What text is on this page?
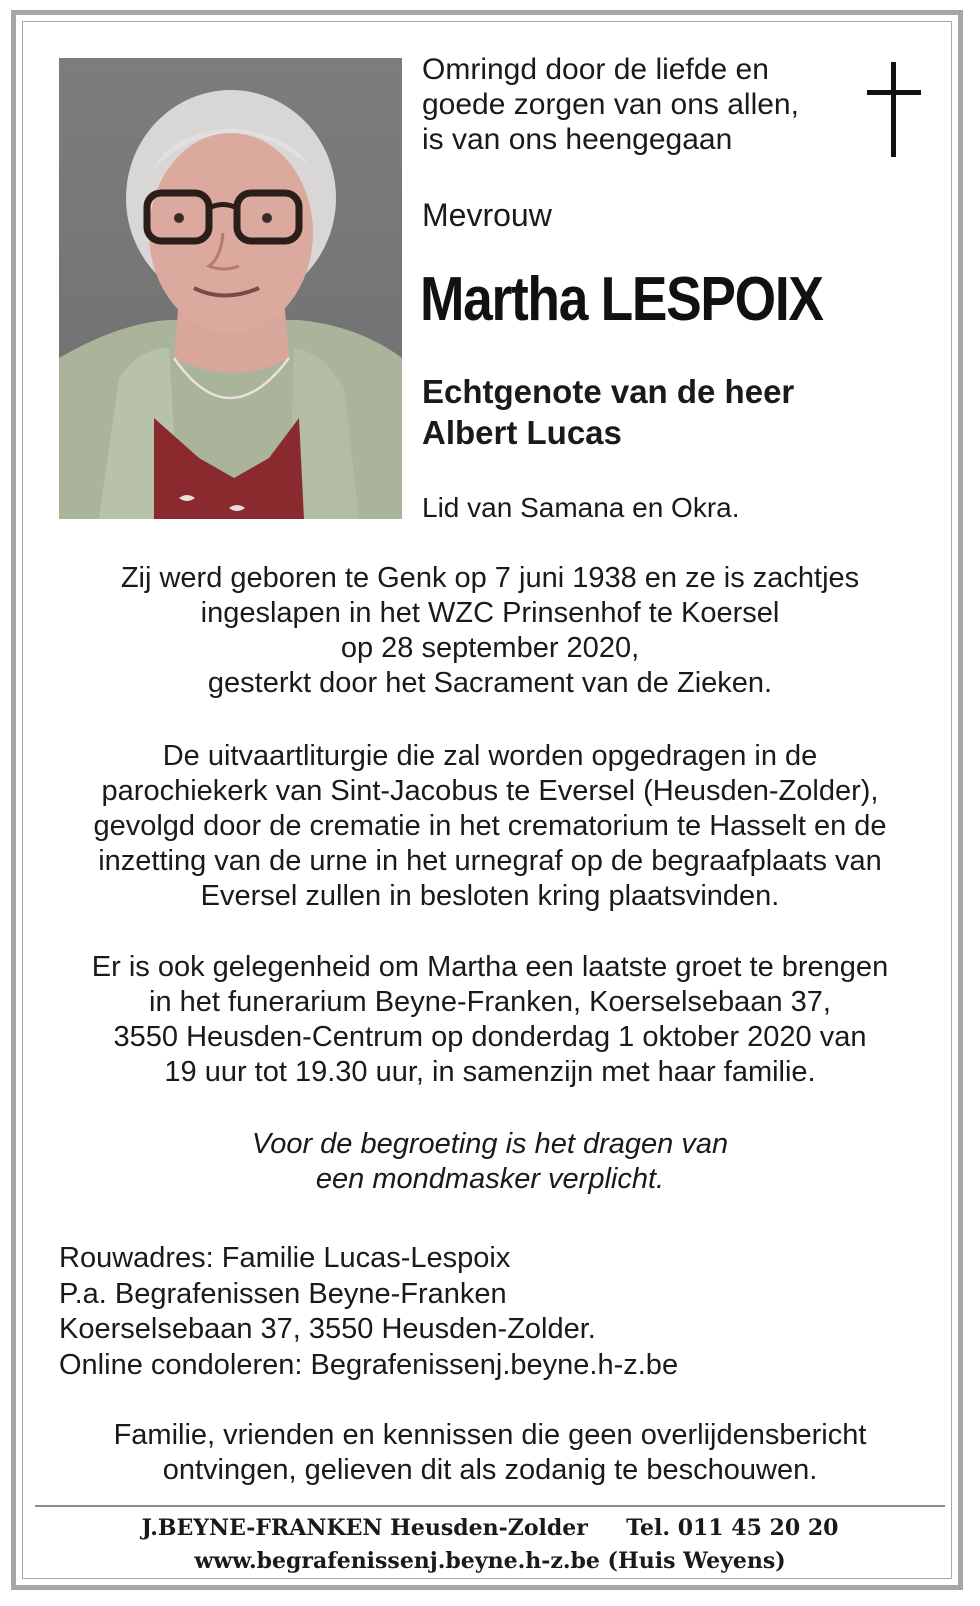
Omringd door de liefde en
goede zorgen van ons allen,
is van ons heengegaan
Mevrouw
Martha LESPOIX
Echtgenote van de heer
Albert Lucas
Lid van Samana en Okra.
Zij werd geboren te Genk op 7 juni 1938 en ze is zachtjes
ingeslapen in het WZC Prinsenhof te Koersel
op 28 september 2020,
gesterkt door het Sacrament van de Zieken.
De uitvaartliturgie die zal worden opgedragen in de
parochiekerk van Sint-Jacobus te Eversel (Heusden-Zolder),
gevolgd door de crematie in het crematorium te Hasselt en de
inzetting van de urne in het urnegraf op de begraafplaats van
Eversel zullen in besloten kring plaatsvinden.
Er is ook gelegenheid om Martha een laatste groet te brengen
in het funerarium Beyne-Franken, Koerselsebaan 37,
3550 Heusden-Centrum op donderdag 1 oktober 2020 van
19 uur tot 19.30 uur, in samenzijn met haar familie.
Voor de begroeting is het dragen van
een mondmasker verplicht.
Rouwadres: Familie Lucas-Lespoix
P.a. Begrafenissen Beyne-Franken
Koerselsebaan 37, 3550 Heusden-Zolder.
Online condoleren: Begrafenissenj.beyne.h-z.be
Familie, vrienden en kennissen die geen overlijdensbericht
ontvingen, gelieven dit als zodanig te beschouwen.
J.BEYNE-FRANKEN Heusden-Zolder Tel. 011 45 20 20
www.begrafenissenj.beyne.h-z.be (Huis Weyens)
